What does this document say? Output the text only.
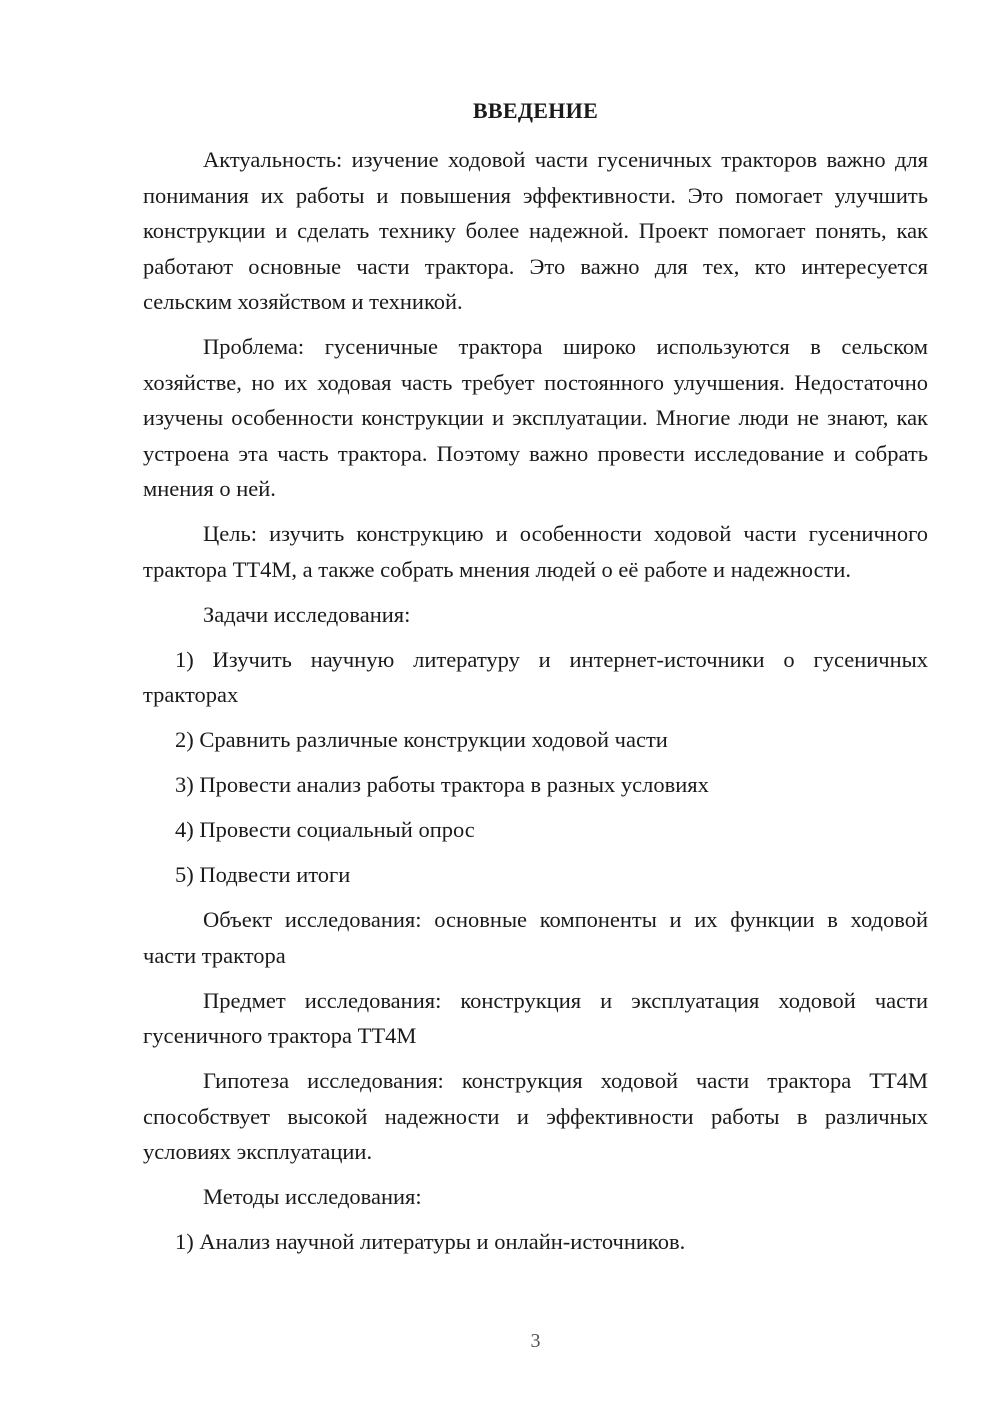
ВВЕДЕНИЕ

Актуальность: изучение ходовой части гусеничных тракторов важно для понимания их работы и повышения эффективности. Это помогает улучшить конструкции и сделать технику более надежной. Проект помогает понять, как работают основные части трактора. Это важно для тех, кто интересуется сельским хозяйством и техникой.

Проблема: гусеничные трактора широко используются в сельском хозяйстве, но их ходовая часть требует постоянного улучшения. Недостаточно изучены особенности конструкции и эксплуатации. Многие люди не знают, как устроена эта часть трактора. Поэтому важно провести исследование и собрать мнения о ней.

Цель: изучить конструкцию и особенности ходовой части гусеничного трактора ТТ4М, а также собрать мнения людей о её работе и надежности.

Задачи исследования:

1) Изучить научную литературу и интернет-источники о гусеничных тракторах

2) Сравнить различные конструкции ходовой части

3) Провести анализ работы трактора в разных условиях

4) Провести социальный опрос

5) Подвести итоги

Объект исследования: основные компоненты и их функции в ходовой части трактора

Предмет исследования: конструкция и эксплуатация ходовой части гусеничного трактора ТТ4М

Гипотеза исследования: конструкция ходовой части трактора ТТ4М способствует высокой надежности и эффективности работы в различных условиях эксплуатации.

Методы исследования:

1) Анализ научной литературы и онлайн-источников.

3
